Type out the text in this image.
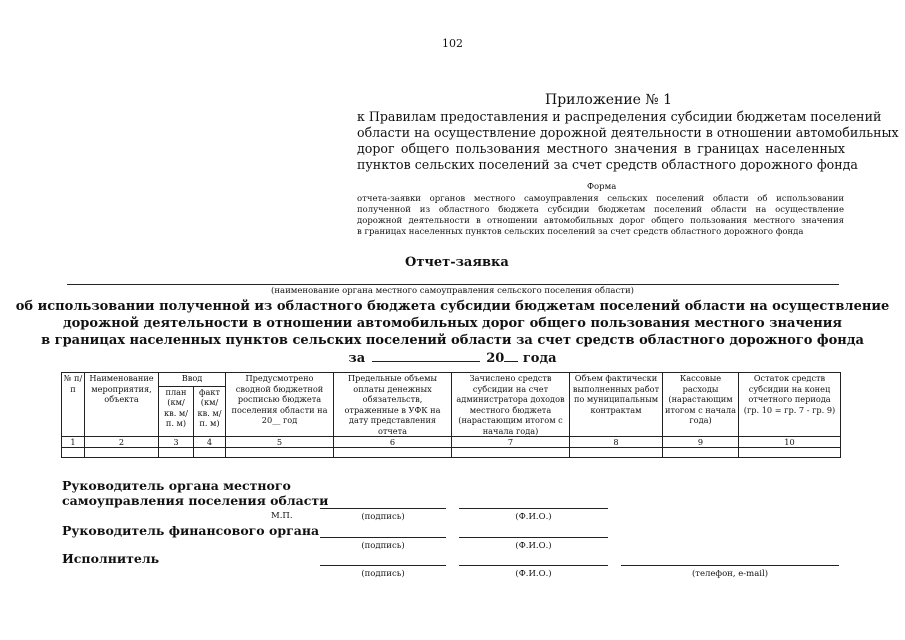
102
Приложение № 1
к Правилам предоставления и распределения субсидии бюджетам поселений
области на осуществление дорожной деятельности в отношении автомобильных
дорог общего пользования местного значения в границах населенных
пунктов сельских поселений за счет средств областного дорожного фонда
Форма
отчета-заявки органов местного самоуправления сельских поселений области об использовании
полученной из областного бюджета субсидии бюджетам поселений области на осуществление
дорожной деятельности в отношении автомобильных дорог общего пользования местного значения
в границах населенных пунктов сельских поселений за счет средств областного дорожного фонда
Отчет-заявка
(наименование органа местного самоуправления сельского поселения области)
об использовании полученной из областного бюджета субсидии бюджетам поселений области на осуществление
дорожной деятельности в отношении автомобильных дорог общего пользования местного значения
в границах населенных пунктов сельских поселений области за счет средств областного дорожного фонда
за	20 года
№ п/п	Наименование мероприятия, объекта	Ввод		Предусмотрено сводной бюджетной росписью бюджета поселения области на 20__ год	Предельные объемы оплаты денежных обязательств, отраженные в УФК на дату представления отчета	Зачислено средств субсидии на счет администратора доходов местного бюджета (нарастающим итогом с начала года)	Объем фактически выполненных работ по муниципальным контрактам	Кассовые расходы (нарастающим итогом с начала года)	Остаток средств субсидии на конец отчетного периода (гр. 10 = гр. 7 - гр. 9)
		план (км/ кв. м/ п. м)	факт (км/ кв. м/ п. м)						
1	2	3	4	5	6	7	8	9	10

Руководитель органа местного
самоуправления поселения области
М.П.	(подпись)	(Ф.И.О.)
Руководитель финансового органа
(подпись)	(Ф.И.О.)
Исполнитель
(подпись)	(Ф.И.О.)	(телефон, e-mail)
